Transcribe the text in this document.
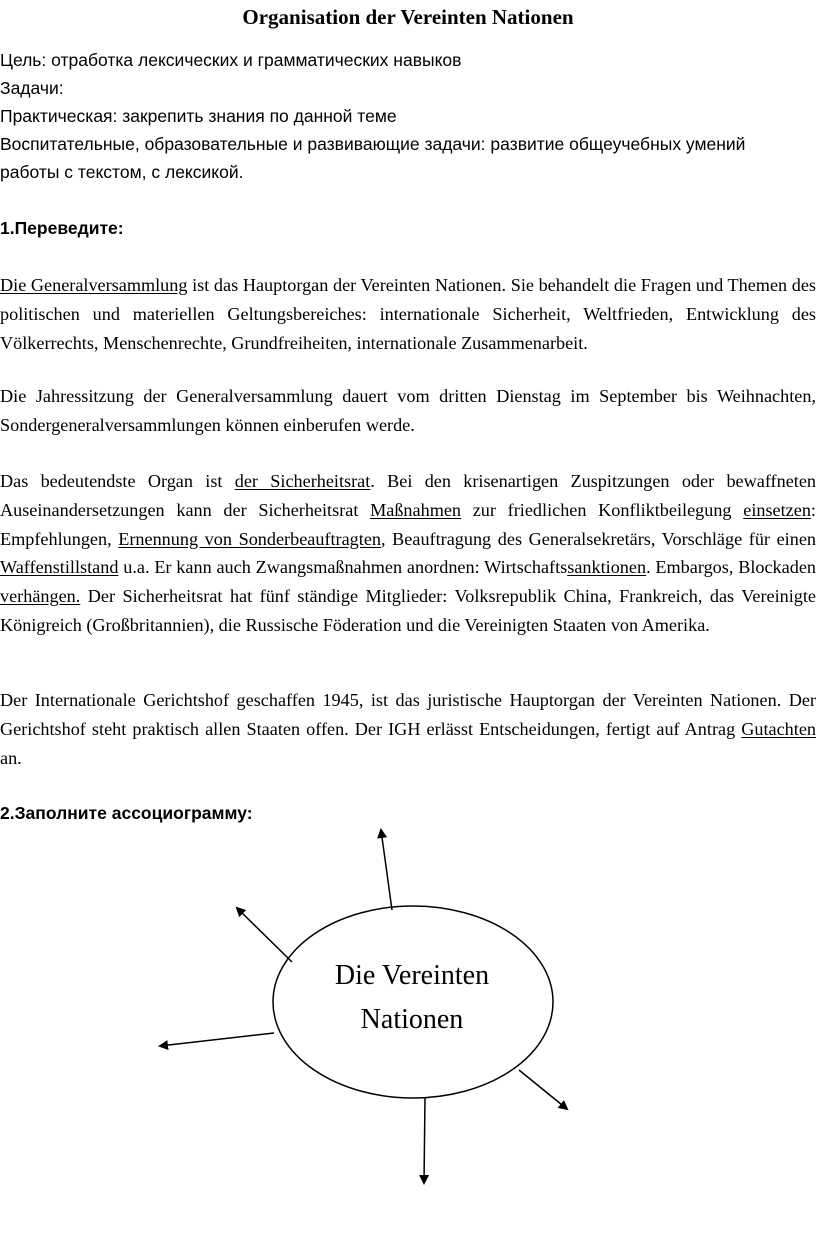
Organisation der Vereinten Nationen

Цель: отработка лексических и грамматических навыков

Задачи:

Практическая: закрепить знания по данной теме

Воспитательные, образовательные и развивающие задачи: развитие общеучебных умений

работы с текстом, с лексикой.

1.Переведите:

Die Generalversammlung ist das Hauptorgan der Vereinten Nationen. Sie behandelt die Fragen und Themen des politischen und materiellen Geltungsbereiches: internationale Sicherheit, Weltfrieden, Entwicklung des Völkerrechts, Menschenrechte, Grundfreiheiten, internationale Zusammenarbeit.

Die Jahressitzung der Generalversammlung dauert vom dritten Dienstag im September bis Weihnachten, Sondergeneralversammlungen können einberufen werde.

Das bedeutendste Organ ist der Sicherheitsrat. Bei den krisenartigen Zuspitzungen oder bewaffneten Auseinandersetzungen kann der Sicherheitsrat Maßnahmen zur friedlichen Konfliktbeilegung einsetzen: Empfehlungen, Ernennung von Sonderbeauftragten, Beauftragung des Generalsekretärs, Vorschläge für einen Waffenstillstand u.a. Er kann auch Zwangsmaßnahmen anordnen: Wirtschaftssanktionen. Embargos, Blockaden verhängen. Der Sicherheitsrat hat fünf ständige Mitglieder: Volksrepublik China, Frankreich, das Vereinigte Königreich (Großbritannien), die Russische Föderation und die Vereinigten Staaten von Amerika.

Der Internationale Gerichtshof geschaffen 1945, ist das juristische Hauptorgan der Vereinten Nationen. Der Gerichtshof steht praktisch allen Staaten offen. Der IGH erlässt Entscheidungen, fertigt auf Antrag Gutachten an.

2.Заполните ассоциограмму:

Die Vereinten
Nationen
